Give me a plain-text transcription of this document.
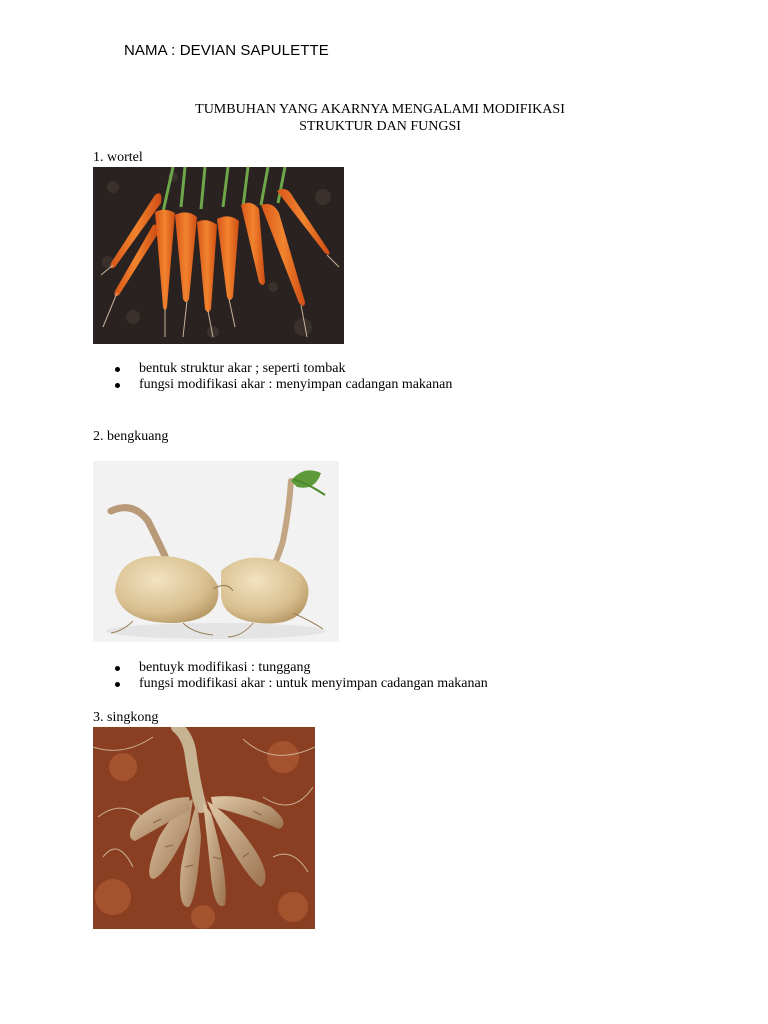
NAMA : DEVIAN SAPULETTE
TUMBUHAN YANG AKARNYA MENGALAMI MODIFIKASI
STRUKTUR DAN FUNGSI
1. wortel
bentuk struktur akar ; seperti tombak
fungsi modifikasi akar : menyimpan cadangan makanan
2. bengkuang
bentuyk modifikasi : tunggang
fungsi modifikasi akar : untuk menyimpan cadangan makanan
3. singkong
